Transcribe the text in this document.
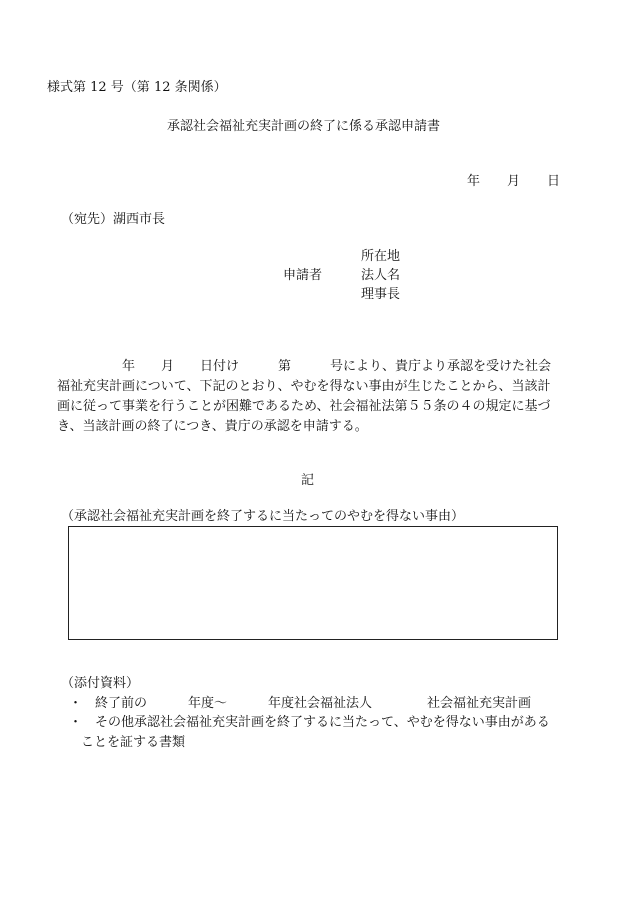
様式第 12 号（第 12 条関係）
承認社会福祉充実計画の終了に係る承認申請書
年 月 日
（宛先）湖西市長
所在地
申請者	法人名
理事長
年　　月　　日付け　　　第　　　号により、貴庁より承認を受けた社会
福祉充実計画について、下記のとおり、やむを得ない事由が生じたことから、当該計
画に従って事業を行うことが困難であるため、社会福祉法第５５条の４の規定に基づ
き、当該計画の終了につき、貴庁の承認を申請する。
記
（承認社会福祉充実計画を終了するに当たってのやむを得ない事由）
（添付資料）
・ 終了前の	年度～	年度社会福祉法人	社会福祉充実計画
・ その他承認社会福祉充実計画を終了するに当たって、やむを得ない事由がある
ことを証する書類
